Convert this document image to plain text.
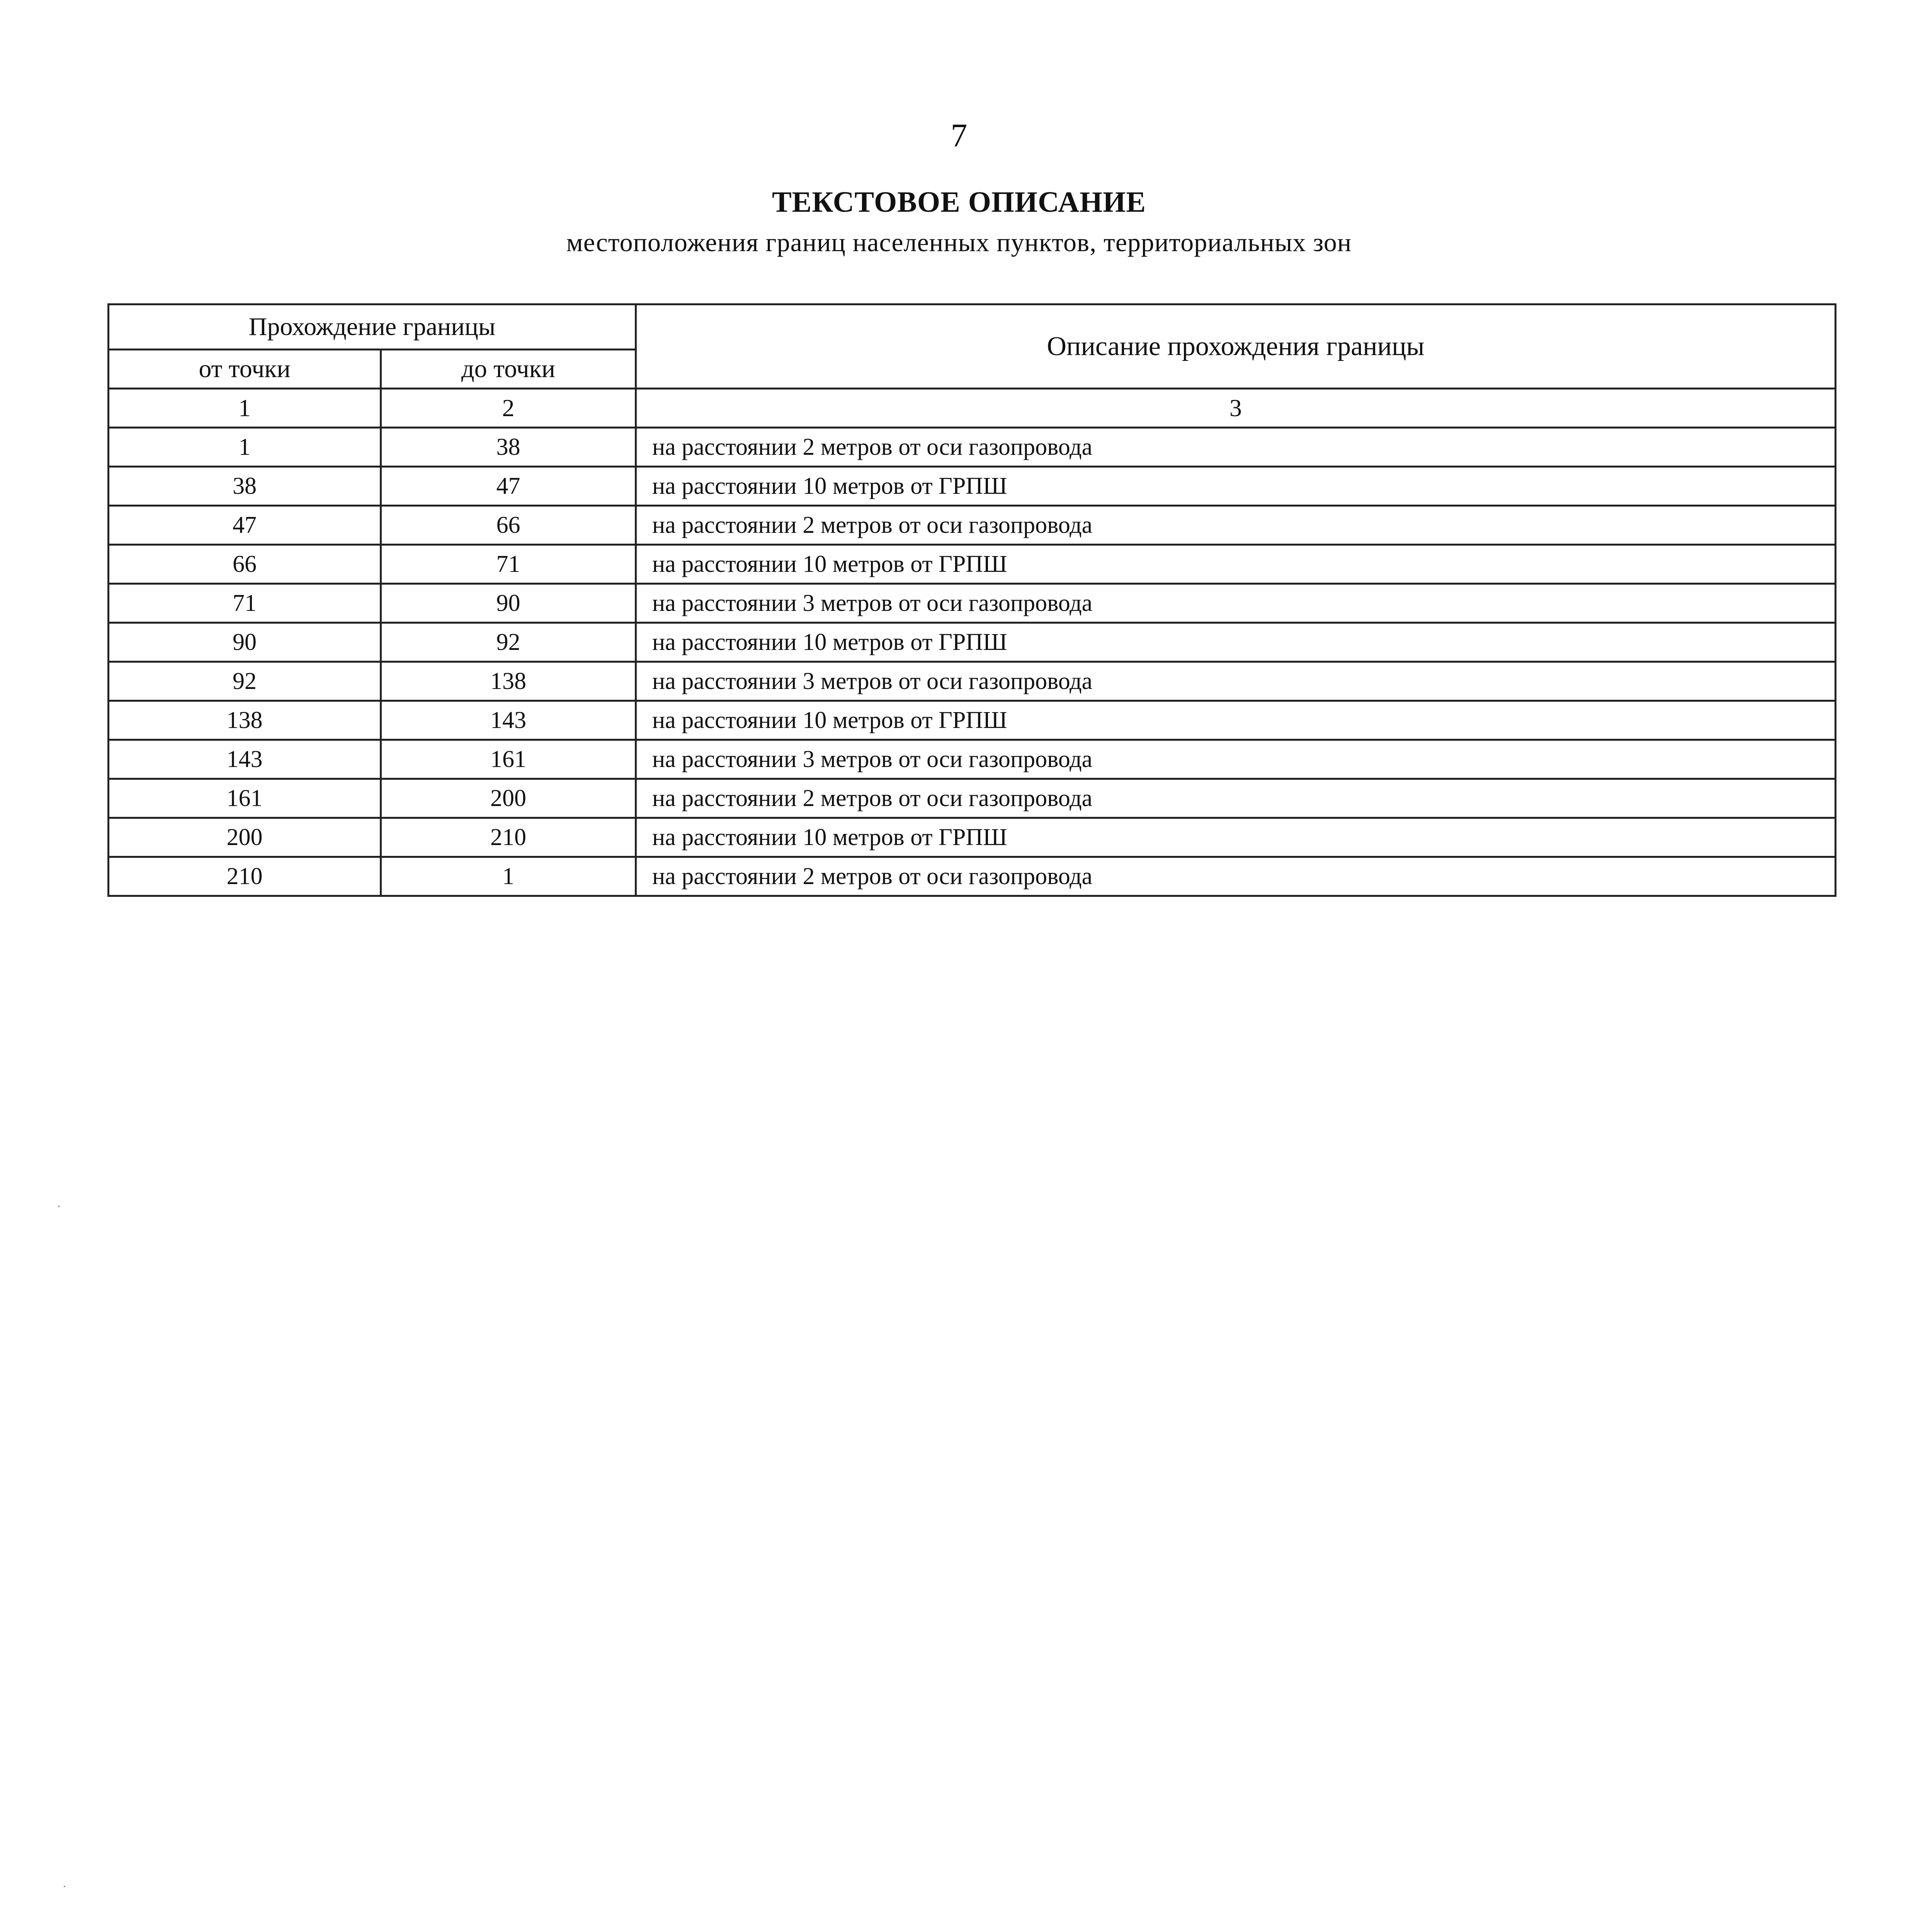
7
ТЕКСТОВОЕ ОПИСАНИЕ
местоположения границ населенных пунктов, территориальных зон
Прохождение границы		Описание прохождения границы
от точки	до точки	
1	2	3
1	38	на расстоянии 2 метров от оси газопровода
38	47	на расстоянии 10 метров от ГРПШ
47	66	на расстоянии 2 метров от оси газопровода
66	71	на расстоянии 10 метров от ГРПШ
71	90	на расстоянии 3 метров от оси газопровода
90	92	на расстоянии 10 метров от ГРПШ
92	138	на расстоянии 3 метров от оси газопровода
138	143	на расстоянии 10 метров от ГРПШ
143	161	на расстоянии 3 метров от оси газопровода
161	200	на расстоянии 2 метров от оси газопровода
200	210	на расстоянии 10 метров от ГРПШ
210	1	на расстоянии 2 метров от оси газопровода
